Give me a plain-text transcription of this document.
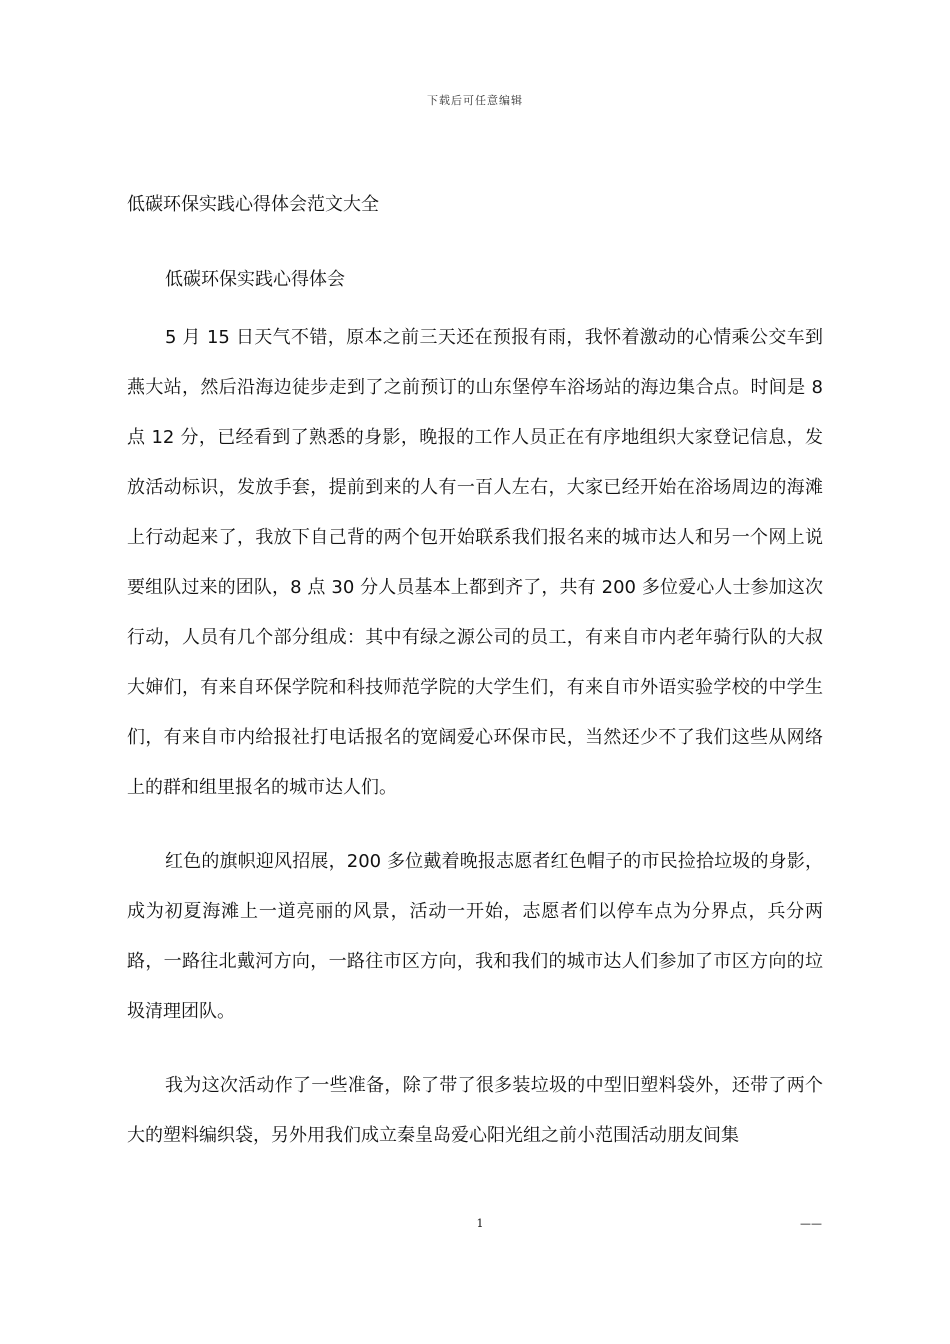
下载后可任意编辑
低碳环保实践心得体会范文大全

低碳环保实践心得体会

5 月 15 日天气不错，原本之前三天还在预报有雨，我怀着激动的心情乘公交车到燕大站，然后沿海边徒步走到了之前预订的山东堡停车浴场站的海边集合点。时间是 8 点 12 分，已经看到了熟悉的身影，晚报的工作人员正在有序地组织大家登记信息，发放活动标识，发放手套，提前到来的人有一百人左右，大家已经开始在浴场周边的海滩上行动起来了，我放下自己背的两个包开始联系我们报名来的城市达人和另一个网上说要组队过来的团队，8 点 30 分人员基本上都到齐了，共有 200 多位爱心人士参加这次行动，人员有几个部分组成：其中有绿之源公司的员工，有来自市内老年骑行队的大叔大婶们，有来自环保学院和科技师范学院的大学生们，有来自市外语实验学校的中学生们，有来自市内给报社打电话报名的宽阔爱心环保市民，当然还少不了我们这些从网络上的群和组里报名的城市达人们。

红色的旗帜迎风招展，200 多位戴着晚报志愿者红色帽子的市民捡拾垃圾的身影，成为初夏海滩上一道亮丽的风景，活动一开始，志愿者们以停车点为分界点，兵分两路，一路往北戴河方向，一路往市区方向，我和我们的城市达人们参加了市区方向的垃圾清理团队。

我为这次活动作了一些准备，除了带了很多装垃圾的中型旧塑料袋外，还带了两个大的塑料编织袋，另外用我们成立秦皇岛爱心阳光组之前小范围活动朋友间集

1	——
